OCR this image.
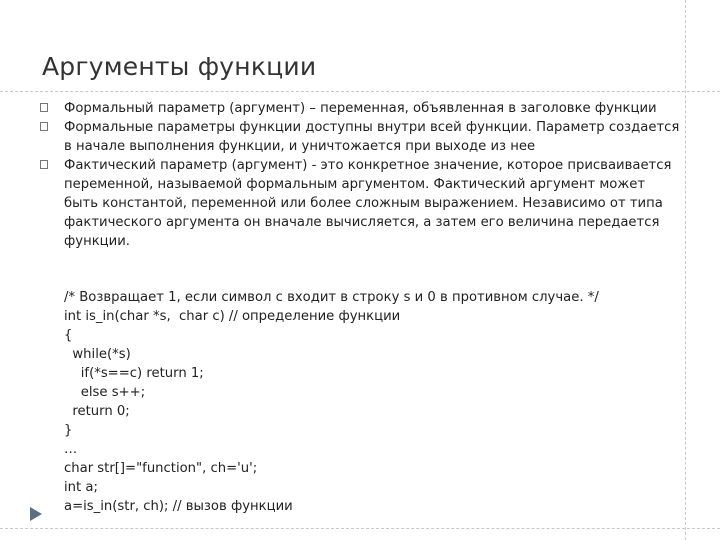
Аргументы функции
Формальный параметр (аргумент) – переменная, объявленная в заголовке функции
Формальные параметры функции доступны внутри всей функции. Параметр создается в начале выполнения функции, и уничтожается при выходе из нее
Фактический параметр (аргумент) - это конкретное значение, которое присваивается переменной, называемой формальным аргументом. Фактический аргумент может быть константой, переменной или более сложным выражением. Независимо от типа фактического аргумента он вначале вычисляется, а затем его величина передается функции.
/* Возвращает 1, если символ c входит в строку s и 0 в противном случае. */
int is_in(char *s,  char c) // определение функции
{
while(*s)
if(*s==c) return 1;
else s++;
return 0;
}
…
char str[]="function", ch='u';
int a;
a=is_in(str, ch); // вызов функции
